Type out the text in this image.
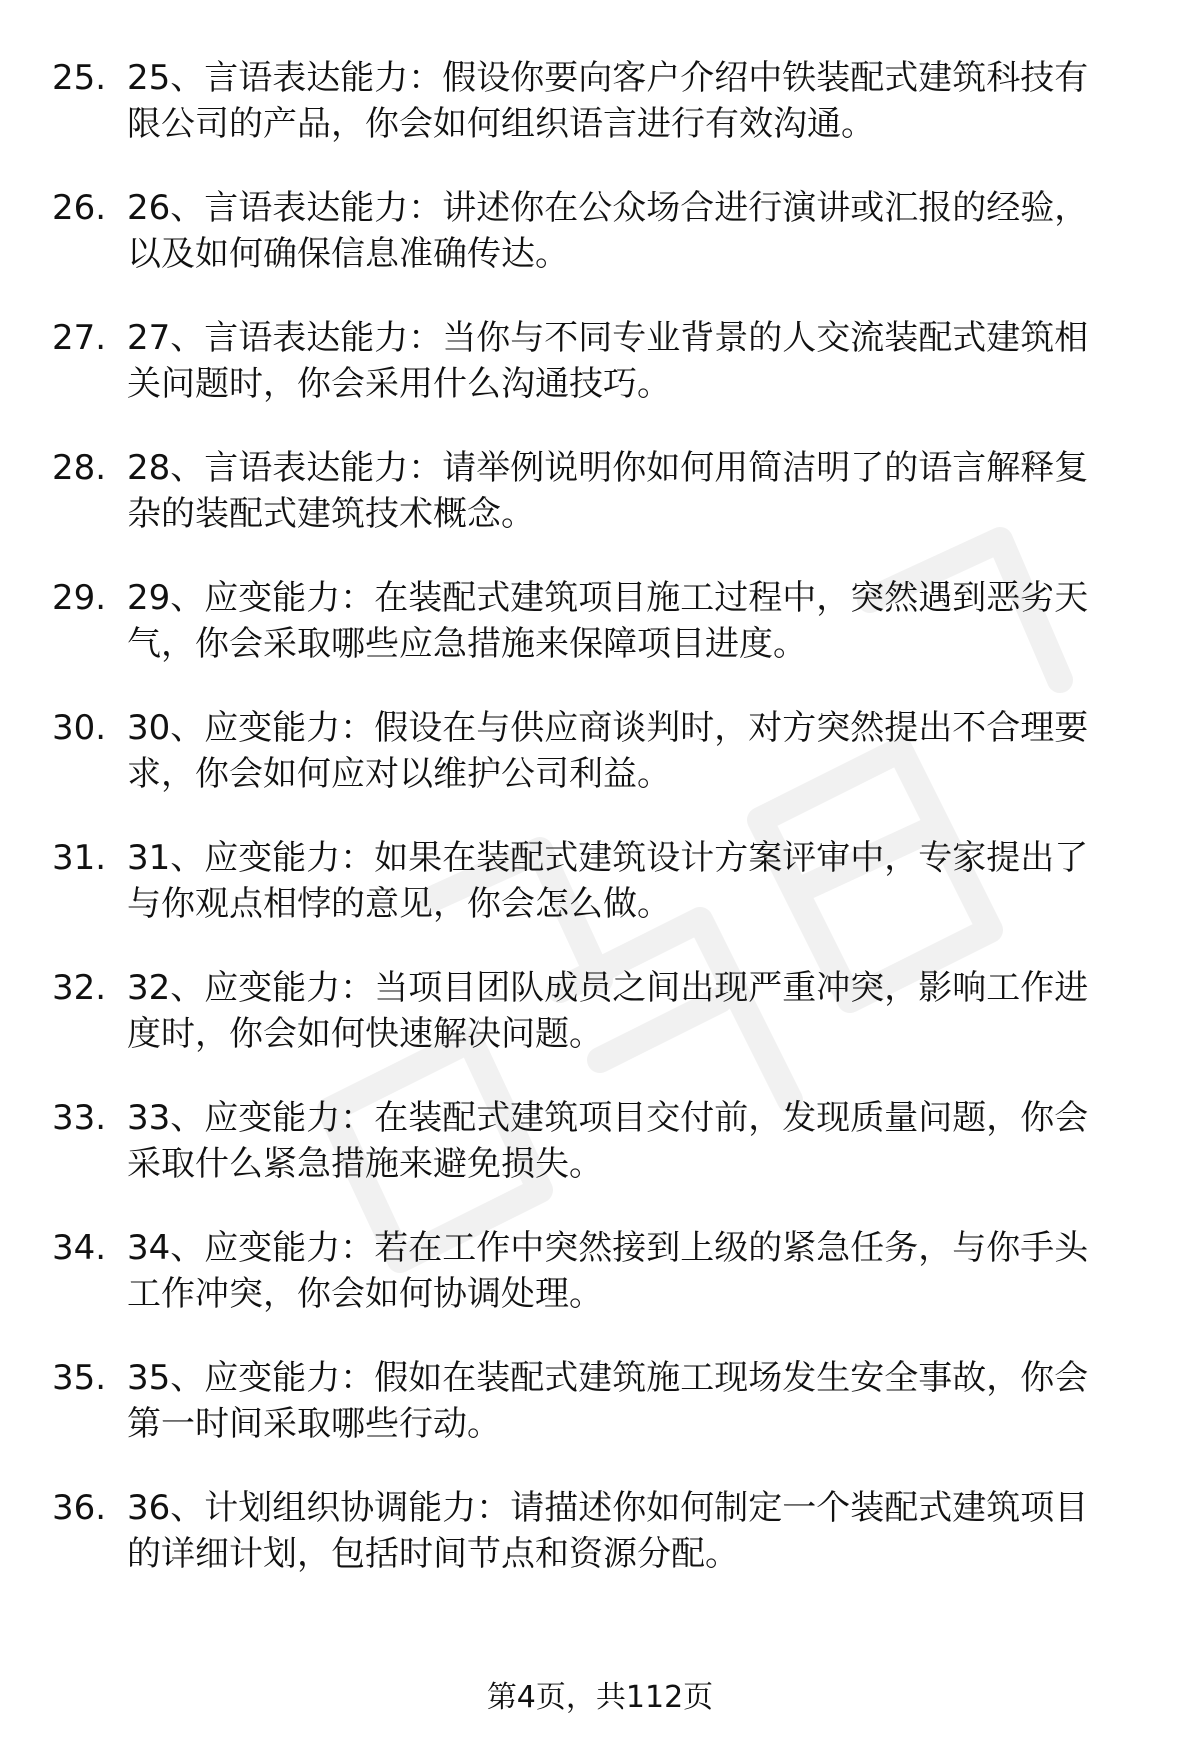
25. 25、言语表达能力：假设你要向客户介绍中铁装配式建筑科技有
限公司的产品，你会如何组织语言进行有效沟通。
26. 26、言语表达能力：讲述你在公众场合进行演讲或汇报的经验，
以及如何确保信息准确传达。
27. 27、言语表达能力：当你与不同专业背景的人交流装配式建筑相
关问题时，你会采用什么沟通技巧。
28. 28、言语表达能力：请举例说明你如何用简洁明了的语言解释复
杂的装配式建筑技术概念。
29. 29、应变能力：在装配式建筑项目施工过程中，突然遇到恶劣天
气，你会采取哪些应急措施来保障项目进度。
30. 30、应变能力：假设在与供应商谈判时，对方突然提出不合理要
求，你会如何应对以维护公司利益。
31. 31、应变能力：如果在装配式建筑设计方案评审中，专家提出了
与你观点相悖的意见，你会怎么做。
32. 32、应变能力：当项目团队成员之间出现严重冲突，影响工作进
度时，你会如何快速解决问题。
33. 33、应变能力：在装配式建筑项目交付前，发现质量问题，你会
采取什么紧急措施来避免损失。
34. 34、应变能力：若在工作中突然接到上级的紧急任务，与你手头
工作冲突，你会如何协调处理。
35. 35、应变能力：假如在装配式建筑施工现场发生安全事故，你会
第一时间采取哪些行动。
36. 36、计划组织协调能力：请描述你如何制定一个装配式建筑项目
的详细计划，包括时间节点和资源分配。
第4页，共112页
